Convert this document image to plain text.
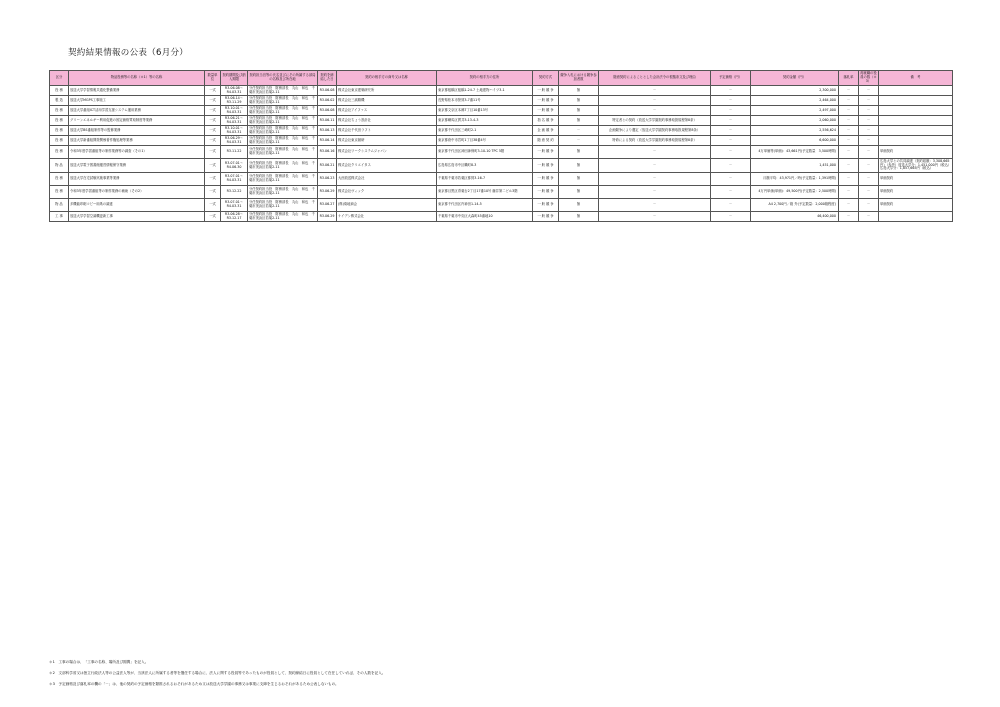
契約結果情報の公表（6月分）
区分	物品役務等の名称（＊1）等の名称	数量単位	契約期間及び納入期限	契約担当官等の氏名並びにその所属する部局の名称及び所在地	契約を締結した日	契約の相手方の商号又は名称	契約の相手方の住所	契約方式	競争入札における競争参加者数	随意契約によることとした会計法令の根拠条文及び理由	予定価格（円）	契約金額（円）	落札率	再就職の役員の数（＊3）	備　考
役 務	放送大学学習情報共通化整備業務	一式	R3.06.08～R4.03.31	分任契約担当役　財務部長　丸山　和也　千葉市美浜区若葉2-11	R3.06.08	株式会社東京建築研究所	東京都板橋区板橋1-24-7 土地建物ハイツ3-1	一 般 競 争	無	－	－	2,300,000	－	－	
製 造	放送大学MGPS工事施工	一式	R3.06.14～R3.11.29	分任契約担当役　財務部長　丸山　和也　千葉市美浜区若葉2-11	R3.06.02	株式会社三誠精機	長野県松本市笹賀3-7番11号	一 般 競 争	無	－	－	2,464,000	－	－	
役 務	放送大学番組ICT活用学習支援システム運用業務	一式	R3.10.01～R4.03.31	分任契約担当役　財務部長　丸山　和也　千葉市美浜区若葉2-11	R3.06.08	株式会社アイファス	東京都文京区本郷7丁目10番13号	一 般 競 争	無	－	－	2,497,000	－	－	
役 務	グリーンエネルギー利用促進の固定価格買取制度等業務	一式	R3.06.21～R4.03.31	分任契約担当役　財務部長　丸山　和也　千葉市美浜区若葉2-11	R3.06.11	株式会社ちょう設計社	東京都練馬区貫井3-13-4-3	指 名 競 争	無	特定者との契約（放送大学学園契約事務取扱規程第8条）	－	2,060,000	－	－	
役 務	放送大学BS番組制作等の監修業務	一式	R3.10.01～R4.03.31	分任契約担当役　財務部長　丸山　和也　千葉市美浜区若葉2-11	R3.06.13	株式会社千代田ラフト	東京都千代田区三崎町2-1	企 画 競 争	－	企画競争により選定（放送大学学園契約事務取扱規程第8条）	－	2,556,624	－	－	
役 務	放送大学新番組開発関係著作権処理等業務	一式	R3.06.29～R4.03.31	分任契約担当役　財務部長　丸山　和也　千葉市美浜区若葉2-11	R3.06.14	株式会社東京創研	東京都府中市宮町1丁目38番4号	随 意 契 約	－	特命による契約（放送大学学園契約事務取扱規程第8条）	－	6,600,000	－	－	
役 務	令和3年度学習番組等の制作業務等の調査（その1）	一式	R3.11.22	分任契約担当役　財務部長　丸山　和也　千葉市美浜区若葉2-11	R3.06.16	株式会社ワークシステムジャパン	東京都千代田区神田神保町3-10-10 TPC 5階	一 般 競 争	無	－	－	4万単価等(単価)：43,661円(予定数量　3,500時間)	－	－	単価契約
物 品	放送大学電子図書館運営情報保守業務	一式	R3.07.01～R4.06.30	分任契約担当役　財務部長　丸山　和也　千葉市美浜区若葉2-11	R3.06.21	株式会社クリエイタス	広島県広島市中区幟町8-3	一 般 競 争	無	－	－	1,451,000	－	－	広島大学との共同調達（契約総額：3,308,665円）（参考）放送大学分：1,451,000円（税込）広島大学分：1,857,665円（税込）
役 務	放送大学在宅試験実施事業等業務	一式	R3.07.01～R4.03.31	分任契約担当役　財務部長　丸山　和也　千葉市美浜区若葉2-11	R3.06.23	大西放送株式会社	千葉県千葉市若葉区都賀3-16-7	一 般 競 争	無	－	－	月額平均：43,971円／時(予定数量：1,391時間)	－	－	単価契約
役 務	令和3年度学習番組等の制作業務の補助（その2）	一式	R3.12.22	分任契約担当役　財務部長　丸山　和也　千葉市美浜区若葉2-11	R3.06.29	株式会社ヴィック	東京都目黒区青葉台2丁目17番10号 藤井第二ビル3階	一 般 競 争	無	－	－	4万円単価(単価)：49,500円(予定数量：2,500時間)	－	－	単価契約
物 品	多機能印刷コピー用紙の調達	一式	R3.07.01～R4.03.31	分任契約担当役　財務部長　丸山　和也　千葉市美浜区若葉2-11	R3.06.27	(株)菊地商会	東京都千代田区内神田1-14-5	一 般 競 争	無	－	－	A4 2,700円／箱 外(予定数量：2,000箱程度)	－	－	単価契約
工 事	放送大学学習空調機更新工事	一式	R3.06.28～R3.12.17	分任契約担当役　財務部長　丸山　和也　千葉市美浜区若葉2-11	R3.06.29	ケイデン株式会社	千葉県千葉市中央区大森町45番地10	一 般 競 争	無	－	－	46,400,000	－	－	
＊1　工事の場合は、「工事の名称、場所及び期間」を記入。
＊2　文部科学省又は独立行政法人等の公益法人等が、当該法人に所属する者等を選任する場合に、法人に関する役員等であったものが役員として、契約締結日に役員として在任していれば、その人数を記入。
＊3　予定価格及び落札率の欄の「－」は、他の契約の予定価格を類推されるおそれがあるため又は放送大学学園の事務又は事業に支障を生じるおそれがあるため公表しないもの。
